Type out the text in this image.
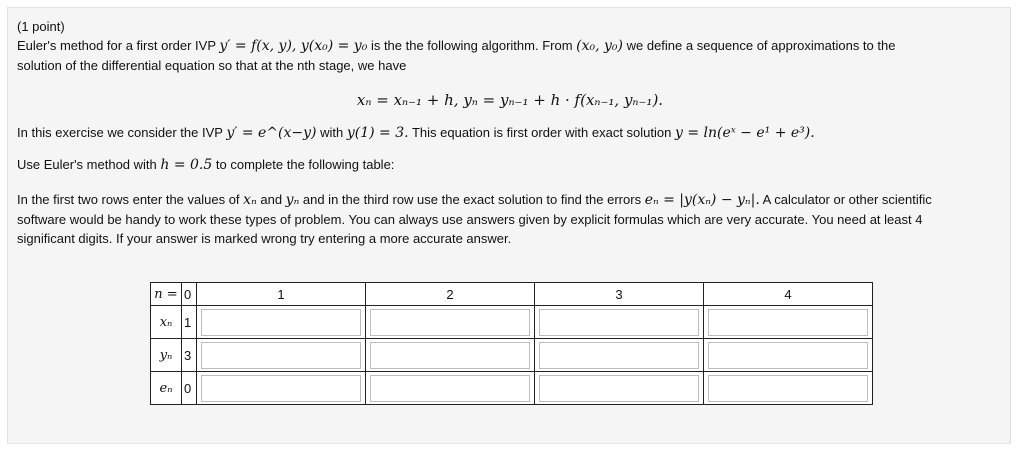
(1 point)
Euler's method for a first order IVP y′ = f(x, y), y(x₀) = y₀ is the the following algorithm. From (x₀, y₀) we define a sequence of approximations to the
solution of the differential equation so that at the nth stage, we have
xₙ = xₙ₋₁ + h, yₙ = yₙ₋₁ + h · f(xₙ₋₁, yₙ₋₁).
In this exercise we consider the IVP y′ = e^(x−y) with y(1) = 3. This equation is first order with exact solution y = ln(eˣ − e¹ + e³).
Use Euler's method with h = 0.5 to complete the following table:
In the first two rows enter the values of xₙ and yₙ and in the third row use the exact solution to find the errors eₙ = |y(xₙ) − yₙ|. A calculator or other scientific
software would be handy to work these types of problem. You can always use answers given by explicit formulas which are very accurate. You need at least 4
significant digits. If your answer is marked wrong try entering a more accurate answer.
n =	0	1	2	3	4
xₙ	1	

yₙ	3	

eₙ	0	
